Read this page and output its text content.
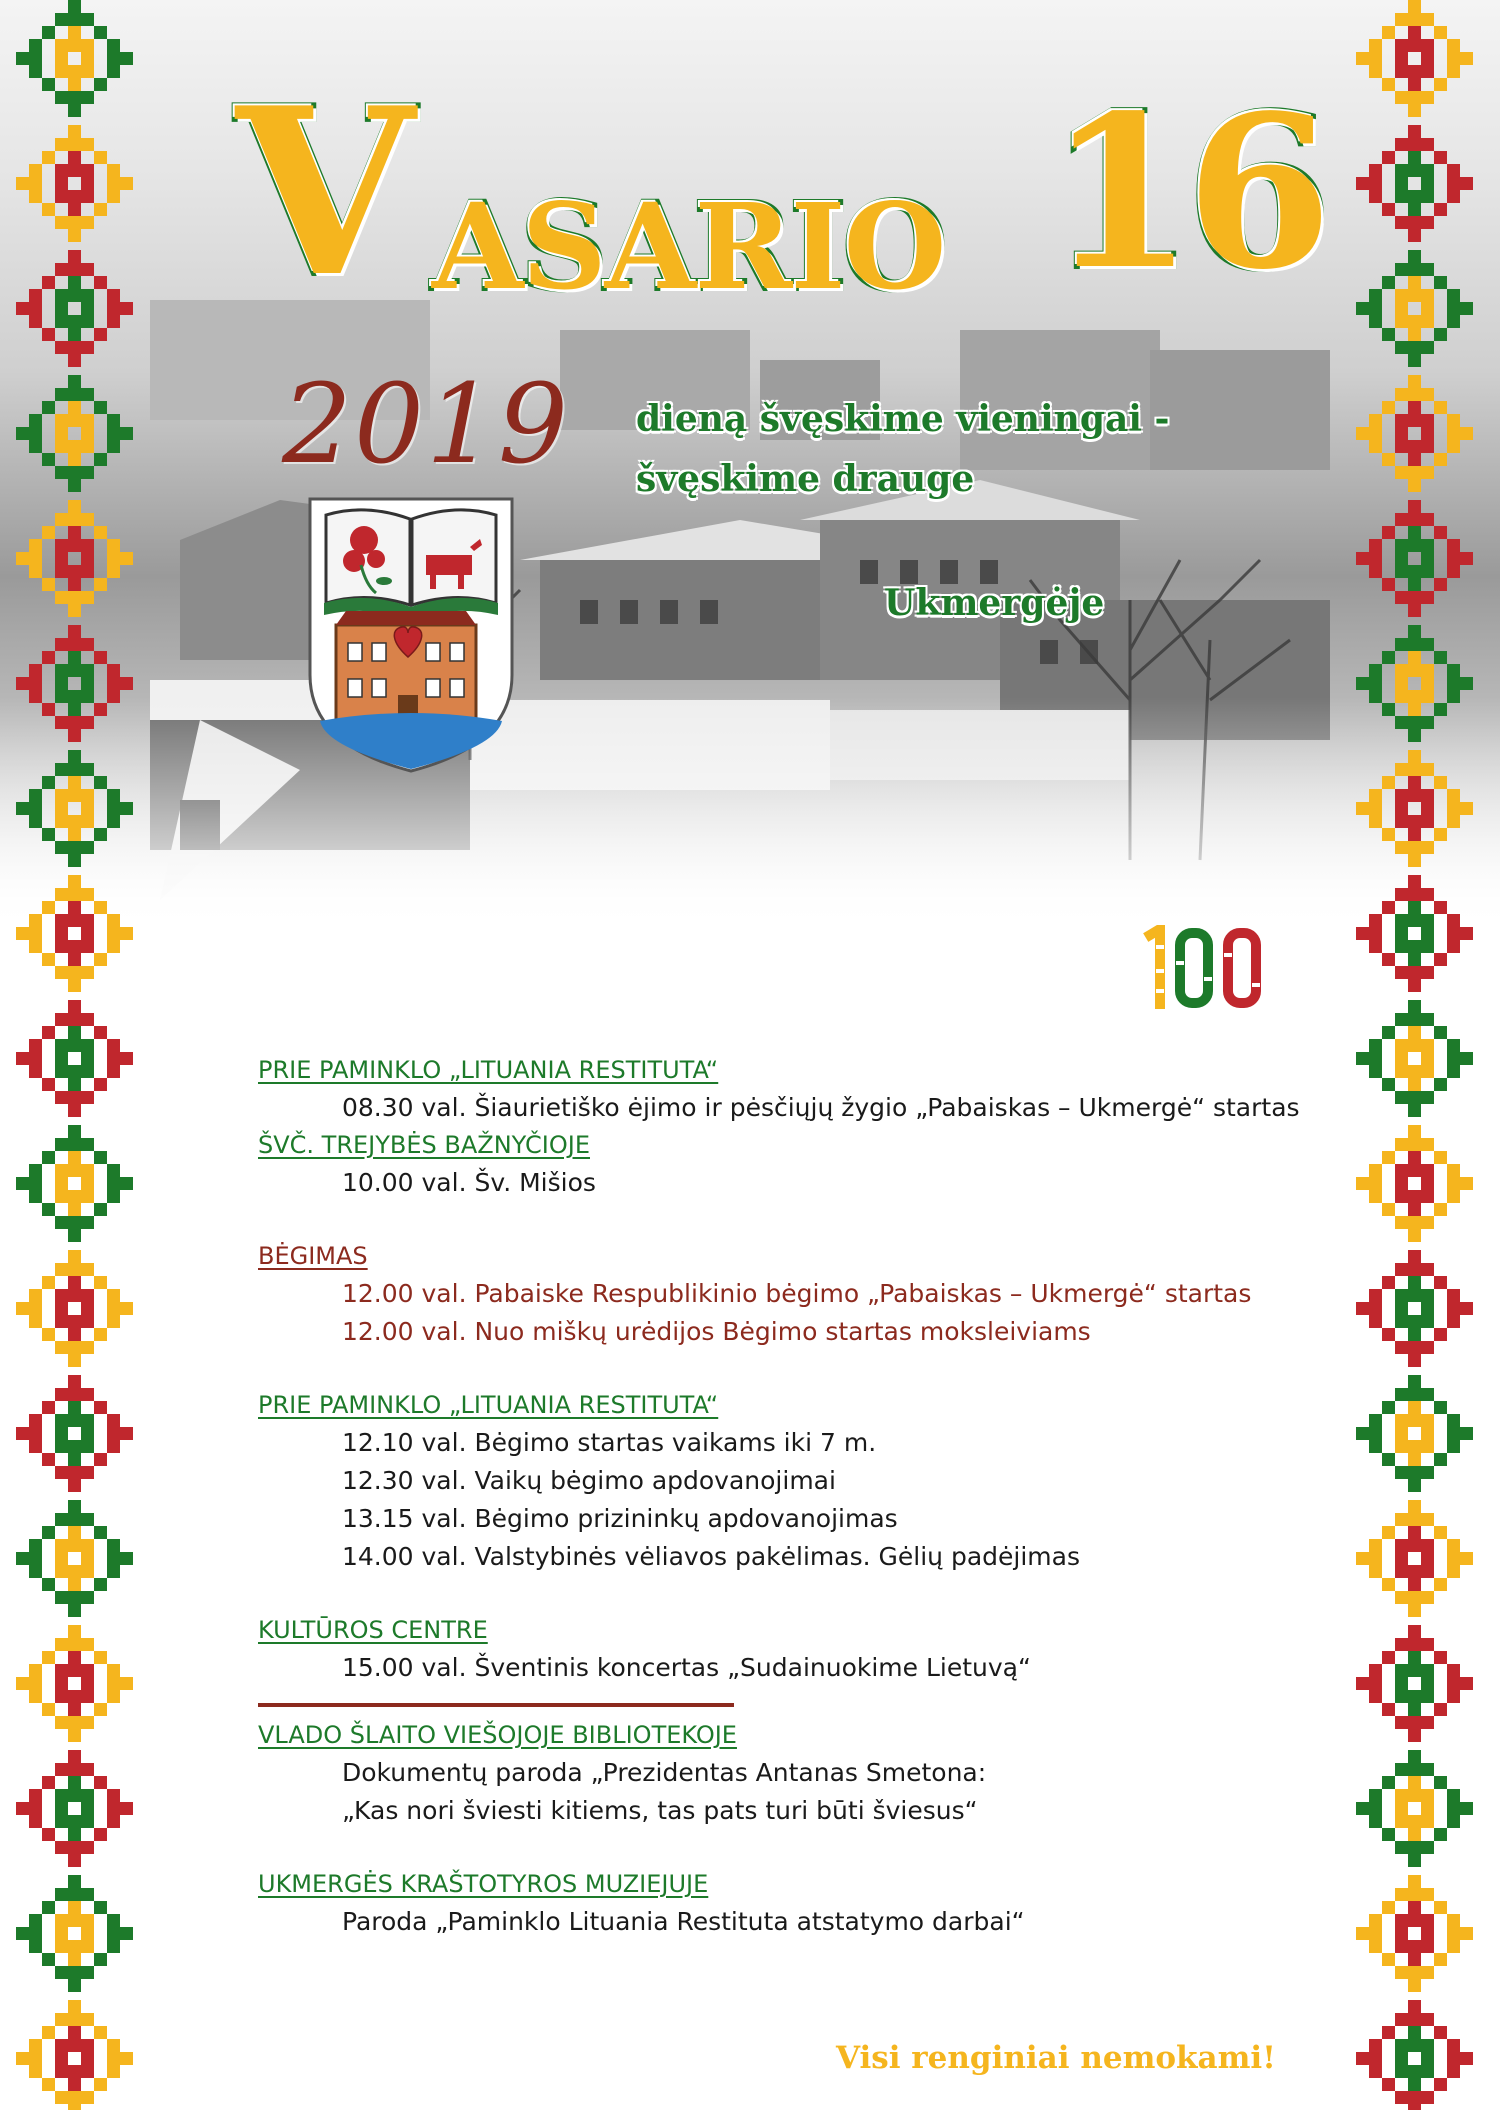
V ASARIO 16
2019 dieną švęskime vieningai -
švęskime drauge
Ukmergėje
PRIE PAMINKLO „LITUANIA RESTITUTA“
08.30 val. Šiaurietiško ėjimo ir pėsčiųjų žygio „Pabaiskas – Ukmergė“ startas
ŠVČ. TREJYBĖS BAŽNYČIOJE
10.00 val. Šv. Mišios
BĖGIMAS
12.00 val. Pabaiske Respublikinio bėgimo „Pabaiskas – Ukmergė“ startas
12.00 val. Nuo miškų urėdijos Bėgimo startas moksleiviams
PRIE PAMINKLO „LITUANIA RESTITUTA“
12.10 val. Bėgimo startas vaikams iki 7 m.
12.30 val. Vaikų bėgimo apdovanojimai
13.15 val. Bėgimo prizininkų apdovanojimas
14.00 val. Valstybinės vėliavos pakėlimas. Gėlių padėjimas
KULTŪROS CENTRE
15.00 val. Šventinis koncertas „Sudainuokime Lietuvą“
VLADO ŠLAITO VIEŠOJOJE BIBLIOTEKOJE
Dokumentų paroda „Prezidentas Antanas Smetona:
„Kas nori šviesti kitiems, tas pats turi būti šviesus“
UKMERGĖS KRAŠTOTYROS MUZIEJUJE
Paroda „Paminklo Lituania Restituta atstatymo darbai“
Visi renginiai nemokami!
